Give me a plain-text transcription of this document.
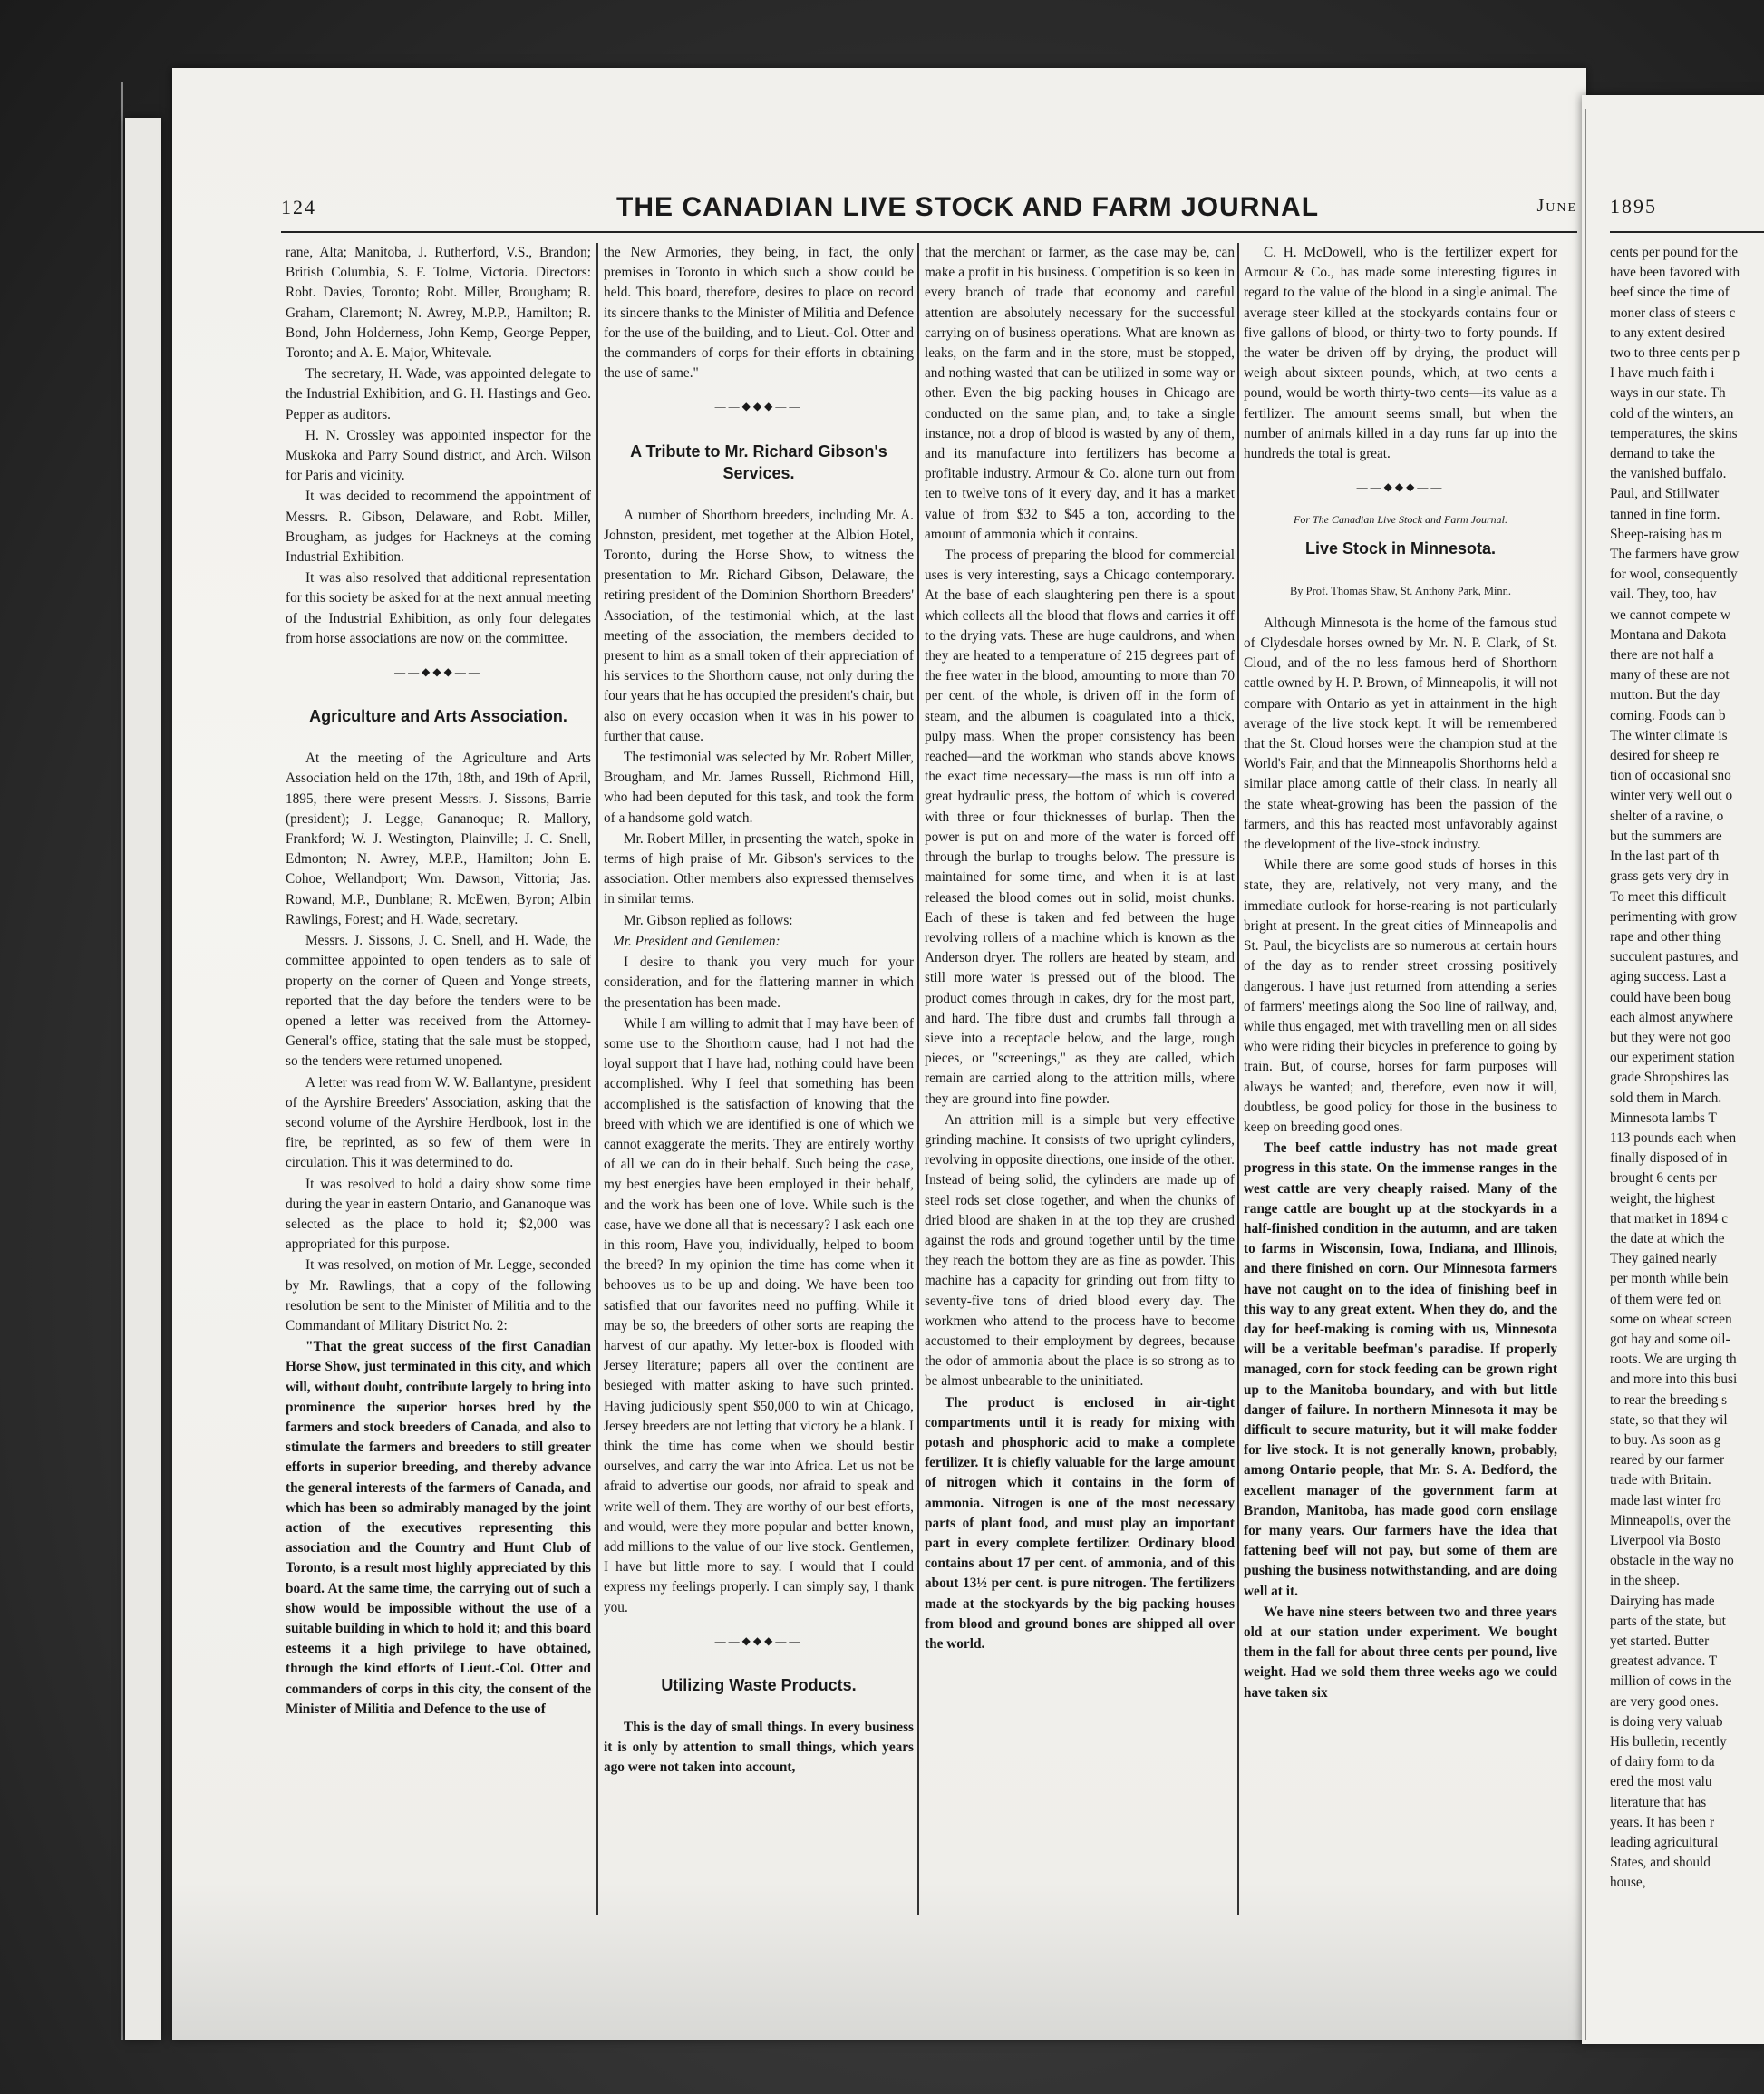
124	THE CANADIAN LIVE STOCK AND FARM JOURNAL	June 1895

rane, Alta; Manitoba, J. Rutherford, V.S., Brandon; British Columbia, S. F. Tolme, Victoria. Directors: Robt. Davies, Toronto; Robt. Miller, Brougham; R. Graham, Claremont; N. Awrey, M.P.P., Hamilton; R. Bond, John Holderness, John Kemp, George Pepper, Toronto; and A. E. Major, Whitevale.

The secretary, H. Wade, was appointed delegate to the Industrial Exhibition, and G. H. Hastings and Geo. Pepper as auditors.

H. N. Crossley was appointed inspector for the Muskoka and Parry Sound district, and Arch. Wilson for Paris and vicinity.

It was decided to recommend the appointment of Messrs. R. Gibson, Delaware, and Robt. Miller, Brougham, as judges for Hackneys at the coming Industrial Exhibition.

It was also resolved that additional representation for this society be asked for at the next annual meeting of the Industrial Exhibition, as only four delegates from horse associations are now on the committee.

——◆◆◆——
Agriculture and Arts Association.

At the meeting of the Agriculture and Arts Association held on the 17th, 18th, and 19th of April, 1895, there were present Messrs. J. Sissons, Barrie (president); J. Legge, Gananoque; R. Mallory, Frankford; W. J. Westington, Plainville; J. C. Snell, Edmonton; N. Awrey, M.P.P., Hamilton; John E. Cohoe, Wellandport; Wm. Dawson, Vittoria; Jas. Rowand, M.P., Dunblane; R. McEwen, Byron; Albin Rawlings, Forest; and H. Wade, secretary.

Messrs. J. Sissons, J. C. Snell, and H. Wade, the committee appointed to open tenders as to sale of property on the corner of Queen and Yonge streets, reported that the day before the tenders were to be opened a letter was received from the Attorney-General's office, stating that the sale must be stopped, so the tenders were returned unopened.

A letter was read from W. W. Ballantyne, president of the Ayrshire Breeders' Association, asking that the second volume of the Ayrshire Herdbook, lost in the fire, be reprinted, as so few of them were in circulation. This it was determined to do.

It was resolved to hold a dairy show some time during the year in eastern Ontario, and Gananoque was selected as the place to hold it; $2,000 was appropriated for this purpose.

It was resolved, on motion of Mr. Legge, seconded by Mr. Rawlings, that a copy of the following resolution be sent to the Minister of Militia and to the Commandant of Military District No. 2:

"That the great success of the first Canadian Horse Show, just terminated in this city, and which will, without doubt, contribute largely to bring into prominence the superior horses bred by the farmers and stock breeders of Canada, and also to stimulate the farmers and breeders to still greater efforts in superior breeding, and thereby advance the general interests of the farmers of Canada, and which has been so admirably managed by the joint action of the executives representing this association and the Country and Hunt Club of Toronto, is a result most highly appreciated by this board. At the same time, the carrying out of such a show would be impossible without the use of a suitable building in which to hold it; and this board esteems it a high privilege to have obtained, through the kind efforts of Lieut.-Col. Otter and commanders of corps in this city, the consent of the Minister of Militia and Defence to the use of

the New Armories, they being, in fact, the only premises in Toronto in which such a show could be held. This board, therefore, desires to place on record its sincere thanks to the Minister of Militia and Defence for the use of the building, and to Lieut.-Col. Otter and the commanders of corps for their efforts in obtaining the use of same."

——◆◆◆——
A Tribute to Mr. Richard Gibson's Services.

A number of Shorthorn breeders, including Mr. A. Johnston, president, met together at the Albion Hotel, Toronto, during the Horse Show, to witness the presentation to Mr. Richard Gibson, Delaware, the retiring president of the Dominion Shorthorn Breeders' Association, of the testimonial which, at the last meeting of the association, the members decided to present to him as a small token of their appreciation of his services to the Shorthorn cause, not only during the four years that he has occupied the president's chair, but also on every occasion when it was in his power to further that cause.

The testimonial was selected by Mr. Robert Miller, Brougham, and Mr. James Russell, Richmond Hill, who had been deputed for this task, and took the form of a handsome gold watch.

Mr. Robert Miller, in presenting the watch, spoke in terms of high praise of Mr. Gibson's services to the association. Other members also expressed themselves in similar terms.

Mr. Gibson replied as follows:

Mr. President and Gentlemen:

I desire to thank you very much for your consideration, and for the flattering manner in which the presentation has been made.

While I am willing to admit that I may have been of some use to the Shorthorn cause, had I not had the loyal support that I have had, nothing could have been accomplished. Why I feel that something has been accomplished is the satisfaction of knowing that the breed with which we are identified is one of which we cannot exaggerate the merits. They are entirely worthy of all we can do in their behalf. Such being the case, my best energies have been employed in their behalf, and the work has been one of love. While such is the case, have we done all that is necessary? I ask each one in this room, Have you, individually, helped to boom the breed? In my opinion the time has come when it behooves us to be up and doing. We have been too satisfied that our favorites need no puffing. While it may be so, the breeders of other sorts are reaping the harvest of our apathy. My letter-box is flooded with Jersey literature; papers all over the continent are besieged with matter asking to have such printed. Having judiciously spent $50,000 to win at Chicago, Jersey breeders are not letting that victory be a blank. I think the time has come when we should bestir ourselves, and carry the war into Africa. Let us not be afraid to advertise our goods, nor afraid to speak and write well of them. They are worthy of our best efforts, and would, were they more popular and better known, add millions to the value of our live stock. Gentlemen, I have but little more to say. I would that I could express my feelings properly. I can simply say, I thank you.

——◆◆◆——
Utilizing Waste Products.

This is the day of small things. In every business it is only by attention to small things, which years ago were not taken into account,

that the merchant or farmer, as the case may be, can make a profit in his business. Competition is so keen in every branch of trade that economy and careful attention are absolutely necessary for the successful carrying on of business operations. What are known as leaks, on the farm and in the store, must be stopped, and nothing wasted that can be utilized in some way or other. Even the big packing houses in Chicago are conducted on the same plan, and, to take a single instance, not a drop of blood is wasted by any of them, and its manufacture into fertilizers has become a profitable industry. Armour & Co. alone turn out from ten to twelve tons of it every day, and it has a market value of from $32 to $45 a ton, according to the amount of ammonia which it contains.

The process of preparing the blood for commercial uses is very interesting, says a Chicago contemporary. At the base of each slaughtering pen there is a spout which collects all the blood that flows and carries it off to the drying vats. These are huge cauldrons, and when they are heated to a temperature of 215 degrees part of the free water in the blood, amounting to more than 70 per cent. of the whole, is driven off in the form of steam, and the albumen is coagulated into a thick, pulpy mass. When the proper consistency has been reached—and the workman who stands above knows the exact time necessary—the mass is run off into a great hydraulic press, the bottom of which is covered with three or four thicknesses of burlap. Then the power is put on and more of the water is forced off through the burlap to troughs below. The pressure is maintained for some time, and when it is at last released the blood comes out in solid, moist chunks. Each of these is taken and fed between the huge revolving rollers of a machine which is known as the Anderson dryer. The rollers are heated by steam, and still more water is pressed out of the blood. The product comes through in cakes, dry for the most part, and hard. The fibre dust and crumbs fall through a sieve into a receptacle below, and the large, rough pieces, or "screenings," as they are called, which remain are carried along to the attrition mills, where they are ground into fine powder.

An attrition mill is a simple but very effective grinding machine. It consists of two upright cylinders, revolving in opposite directions, one inside of the other. Instead of being solid, the cylinders are made up of steel rods set close together, and when the chunks of dried blood are shaken in at the top they are crushed against the rods and ground together until by the time they reach the bottom they are as fine as powder. This machine has a capacity for grinding out from fifty to seventy-five tons of dried blood every day. The workmen who attend to the process have to become accustomed to their employment by degrees, because the odor of ammonia about the place is so strong as to be almost unbearable to the uninitiated.

The product is enclosed in air-tight compartments until it is ready for mixing with potash and phosphoric acid to make a complete fertilizer. It is chiefly valuable for the large amount of nitrogen which it contains in the form of ammonia. Nitrogen is one of the most necessary parts of plant food, and must play an important part in every complete fertilizer. Ordinary blood contains about 17 per cent. of ammonia, and of this about 13½ per cent. is pure nitrogen. The fertilizers made at the stockyards by the big packing houses from blood and ground bones are shipped all over the world.

C. H. McDowell, who is the fertilizer expert for Armour & Co., has made some interesting figures in regard to the value of the blood in a single animal. The average steer killed at the stockyards contains four or five gallons of blood, or thirty-two to forty pounds. If the water be driven off by drying, the product will weigh about sixteen pounds, which, at two cents a pound, would be worth thirty-two cents—its value as a fertilizer. The amount seems small, but when the number of animals killed in a day runs far up into the hundreds the total is great.

——◆◆◆——
For The Canadian Live Stock and Farm Journal.
Live Stock in Minnesota.
By Prof. Thomas Shaw, St. Anthony Park, Minn.

Although Minnesota is the home of the famous stud of Clydesdale horses owned by Mr. N. P. Clark, of St. Cloud, and of the no less famous herd of Shorthorn cattle owned by H. P. Brown, of Minneapolis, it will not compare with Ontario as yet in attainment in the high average of the live stock kept. It will be remembered that the St. Cloud horses were the champion stud at the World's Fair, and that the Minneapolis Shorthorns held a similar place among cattle of their class. In nearly all the state wheat-growing has been the passion of the farmers, and this has reacted most unfavorably against the development of the live-stock industry.

While there are some good studs of horses in this state, they are, relatively, not very many, and the immediate outlook for horse-rearing is not particularly bright at present. In the great cities of Minneapolis and St. Paul, the bicyclists are so numerous at certain hours of the day as to render street crossing positively dangerous. I have just returned from attending a series of farmers' meetings along the Soo line of railway, and, while thus engaged, met with travelling men on all sides who were riding their bicycles in preference to going by train. But, of course, horses for farm purposes will always be wanted; and, therefore, even now it will, doubtless, be good policy for those in the business to keep on breeding good ones.

The beef cattle industry has not made great progress in this state. On the immense ranges in the west cattle are very cheaply raised. Many of the range cattle are bought up at the stockyards in a half-finished condition in the autumn, and are taken to farms in Wisconsin, Iowa, Indiana, and Illinois, and there finished on corn. Our Minnesota farmers have not caught on to the idea of finishing beef in this way to any great extent. When they do, and the day for beef-making is coming with us, Minnesota will be a veritable beefman's paradise. If properly managed, corn for stock feeding can be grown right up to the Manitoba boundary, and with but little danger of failure. In northern Minnesota it may be difficult to secure maturity, but it will make fodder for live stock. It is not generally known, probably, among Ontario people, that Mr. S. A. Bedford, the excellent manager of the government farm at Brandon, Manitoba, has made good corn ensilage for many years. Our farmers have the idea that fattening beef will not pay, but some of them are pushing the business notwithstanding, and are doing well at it.

We have nine steers between two and three years old at our station under experiment. We bought them in the fall for about three cents per pound, live weight. Had we sold them three weeks ago we could have taken six

cents per pound for the
have been favored with
beef since the time of
moner class of steers c
to any extent desired
two to three cents per p
I have much faith i
ways in our state. Th
cold of the winters, an
temperatures, the skins
demand to take the
the vanished buffalo.
Paul, and Stillwater
tanned in fine form.
Sheep-raising has m
The farmers have grow
for wool, consequently
vail. They, too, hav
we cannot compete w
Montana and Dakota
there are not half a
many of these are not
mutton. But the day
coming. Foods can b
The winter climate is
desired for sheep re
tion of occasional sno
winter very well out o
shelter of a ravine, o
but the summers are
In the last part of th
grass gets very dry in
To meet this difficult
perimenting with grow
rape and other thing
succulent pastures, and
aging success. Last a
could have been boug
each almost anywhere
but they were not goo
our experiment station
grade Shropshires las
sold them in March.
Minnesota lambs T
113 pounds each when
finally disposed of in
brought 6 cents per
weight, the highest
that market in 1894 c
the date at which the
They gained nearly
per month while bein
of them were fed on
some on wheat screen
got hay and some oil-
roots. We are urging th
and more into this busi
to rear the breeding s
state, so that they wil
to buy. As soon as g
reared by our farmer
trade with Britain.
made last winter fro
Minneapolis, over the
Liverpool via Bosto
obstacle in the way no
in the sheep.
Dairying has made
parts of the state, but
yet started. Butter
greatest advance. T
million of cows in the
are very good ones.
is doing very valuab
His bulletin, recently
of dairy form to da
ered the most valu
literature that has
years. It has been r
leading agricultural
States, and should
house,
